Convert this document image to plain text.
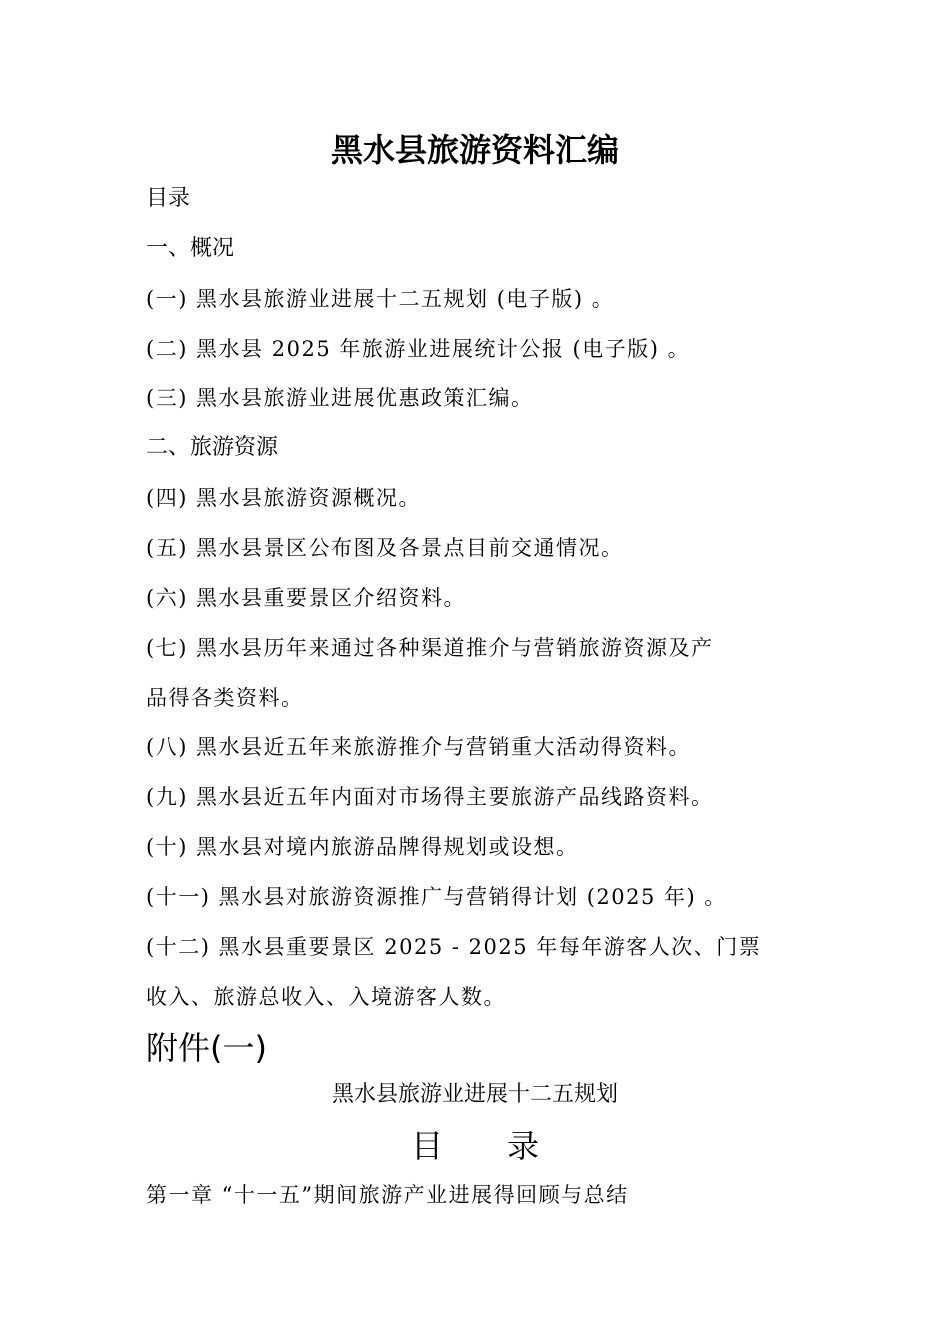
黑水县旅游资料汇编
目录
一、概况
(一) 黑水县旅游业进展十二五规划 (电子版) 。
(二) 黑水县 2025 年旅游业进展统计公报 (电子版) 。
(三) 黑水县旅游业进展优惠政策汇编。
二、旅游资源
(四) 黑水县旅游资源概况。
(五) 黑水县景区公布图及各景点目前交通情况。
(六) 黑水县重要景区介绍资料。
(七) 黑水县历年来通过各种渠道推介与营销旅游资源及产
品得各类资料。
(八) 黑水县近五年来旅游推介与营销重大活动得资料。
(九) 黑水县近五年内面对市场得主要旅游产品线路资料。
(十) 黑水县对境内旅游品牌得规划或设想。
(十一) 黑水县对旅游资源推广与营销得计划 (2025 年) 。
(十二) 黑水县重要景区 2025 - 2025 年每年游客人次、门票
收入、旅游总收入、入境游客人数。
附件(一)
黑水县旅游业进展十二五规划
目录
第一章 “十一五”期间旅游产业进展得回顾与总结
